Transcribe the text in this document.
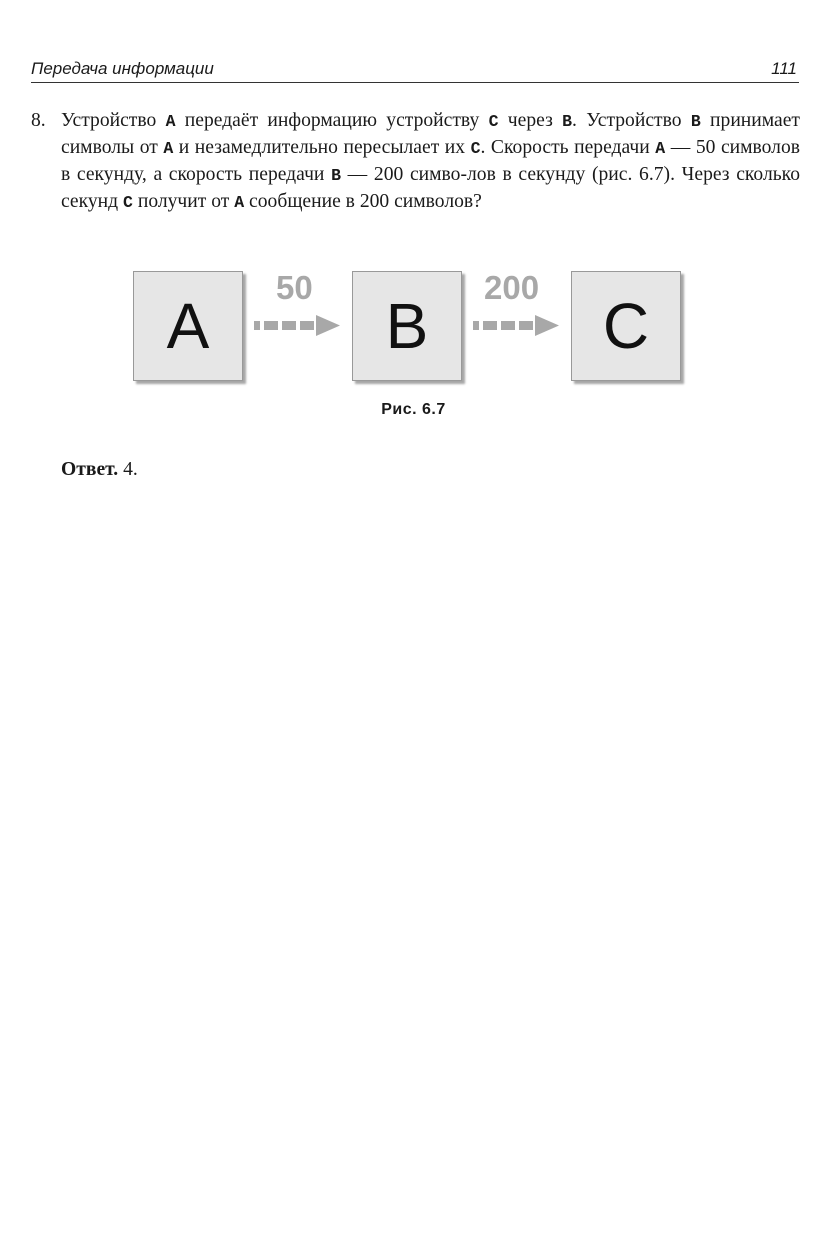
Передача информации	111
8. Устройство A передаёт информацию устройству C через B. Устройство B принимает символы от A и незамедлительно пересылает их C. Скорость передачи A — 50 символов в секунду, а скорость передачи B — 200 симво-лов в секунду (рис. 6.7). Через сколько секунд C получит от A сообщение в 200 символов?
A	B	C
50	200
Рис. 6.7
Ответ. 4.
